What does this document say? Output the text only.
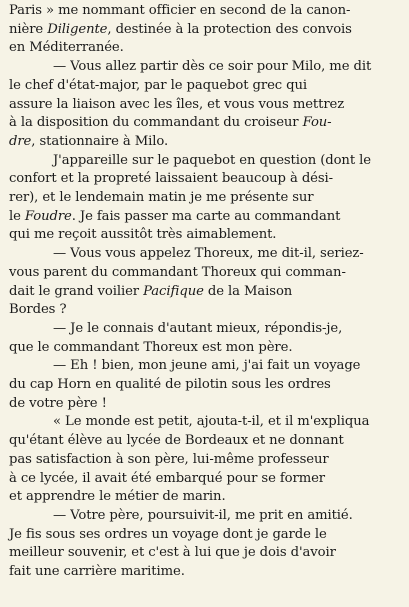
Paris » me nommant officier en second de la canon-
nière Diligente, destinée à la protection des convois
en Méditerranée.

— Vous allez partir dès ce soir pour Milo, me dit
le chef d'état-major, par le paquebot grec qui
assure la liaison avec les îles, et vous vous mettrez
à la disposition du commandant du croiseur Fou-
dre, stationnaire à Milo.

J'appareille sur le paquebot en question (dont le
confort et la propreté laissaient beaucoup à dési-
rer), et le lendemain matin je me présente sur
le Foudre. Je fais passer ma carte au commandant
qui me reçoit aussitôt très aimablement.

— Vous vous appelez Thoreux, me dit-il, seriez-
vous parent du commandant Thoreux qui comman-
dait le grand voilier Pacifique de la Maison
Bordes ?

— Je le connais d'autant mieux, répondis-je,
que le commandant Thoreux est mon père.

— Eh ! bien, mon jeune ami, j'ai fait un voyage
du cap Horn en qualité de pilotin sous les ordres
de votre père !

« Le monde est petit, ajouta-t-il, et il m'expliqua
qu'étant élève au lycée de Bordeaux et ne donnant
pas satisfaction à son père, lui-même professeur
à ce lycée, il avait été embarqué pour se former
et apprendre le métier de marin.

— Votre père, poursuivit-il, me prit en amitié.
Je fis sous ses ordres un voyage dont je garde le
meilleur souvenir, et c'est à lui que je dois d'avoir
fait une carrière maritime.
